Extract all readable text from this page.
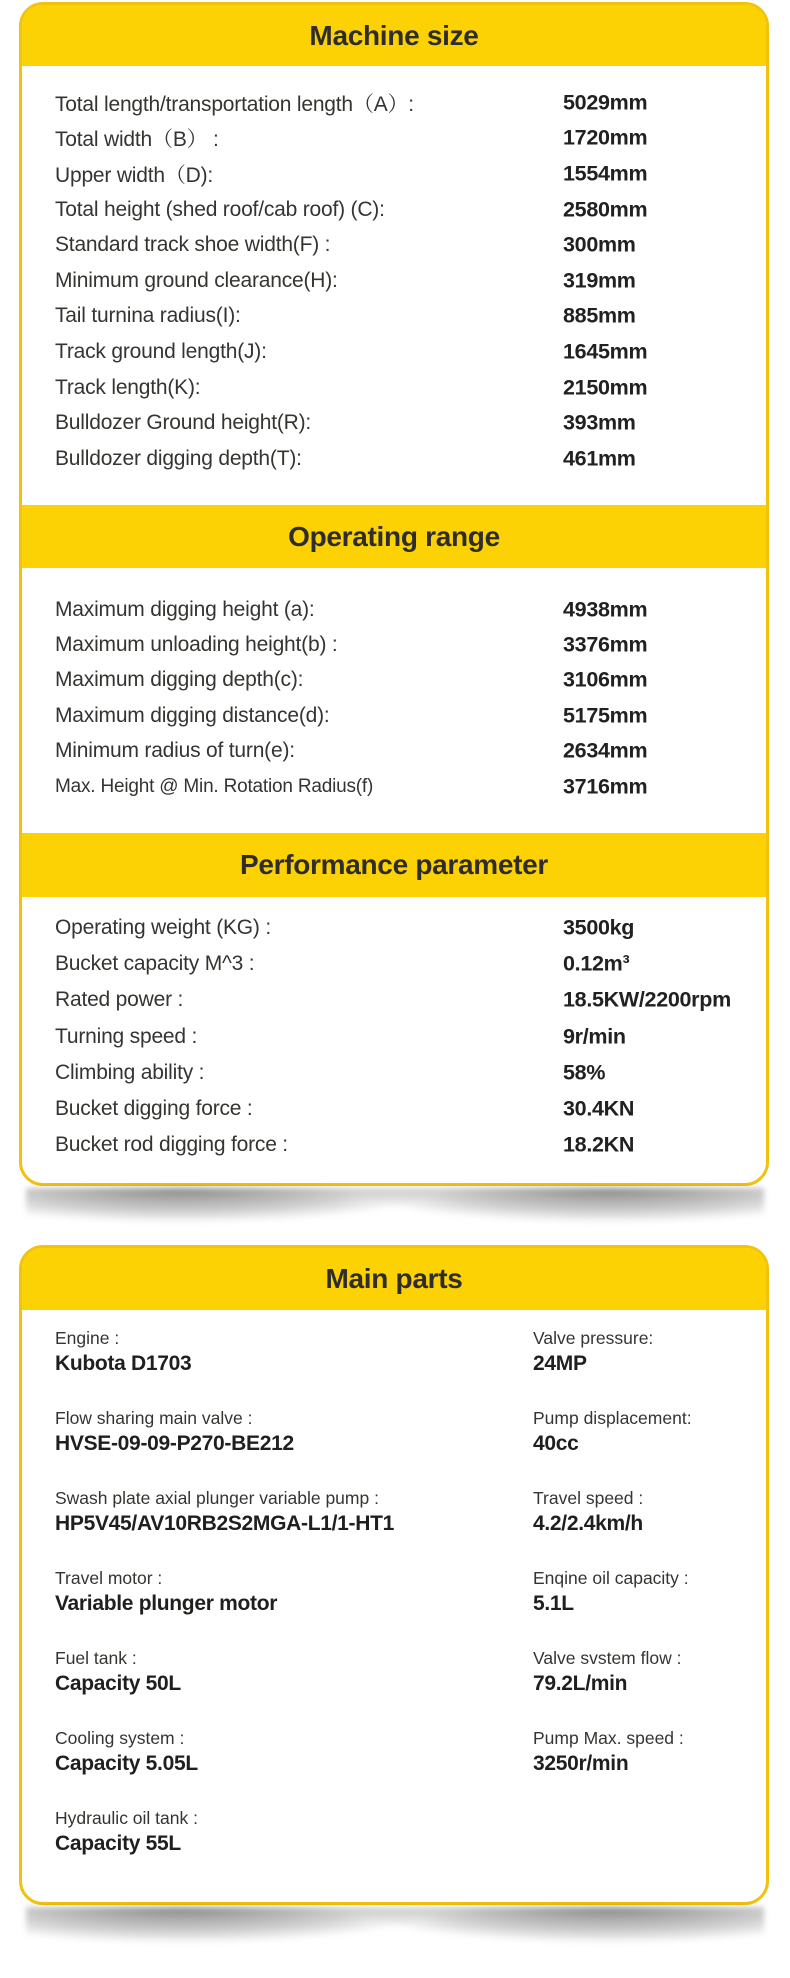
Machine size
Total length/transportation length（A）:	5029mm
Total width（B） :	1720mm
Upper width（D):	1554mm
Total height (shed roof/cab roof) (C):	2580mm
Standard track shoe width(F) :	300mm
Minimum ground clearance(H):	319mm
Tail turnina radius(I):	885mm
Track ground length(J):	1645mm
Track length(K):	2150mm
Bulldozer Ground height(R):	393mm
Bulldozer digging depth(T):	461mm
Operating range
Maximum digging height (a):	4938mm
Maximum unloading height(b) :	3376mm
Maximum digging depth(c):	3106mm
Maximum digging distance(d):	5175mm
Minimum radius of turn(e):	2634mm
Max. Height @ Min. Rotation Radius(f)	3716mm
Performance parameter
Operating weight (KG) :	3500kg
Bucket capacity M^3 :	0.12m³
Rated power :	18.5KW/2200rpm
Turning speed :	9r/min
Climbing ability :	58%
Bucket digging force :	30.4KN
Bucket rod digging force :	18.2KN
Main parts
Engine :
Kubota D1703
Valve pressure:
24MP
Flow sharing main valve :
HVSE-09-09-P270-BE212
Pump displacement:
40cc
Swash plate axial plunger variable pump :
HP5V45/AV10RB2S2MGA-L1/1-HT1
Travel speed :
4.2/2.4km/h
Travel motor :
Variable plunger motor
Enqine oil capacity :
5.1L
Fuel tank :
Capacity 50L
Valve svstem flow :
79.2L/min
Cooling system :
Capacity 5.05L
Pump Max. speed :
3250r/min
Hydraulic oil tank :
Capacity 55L
